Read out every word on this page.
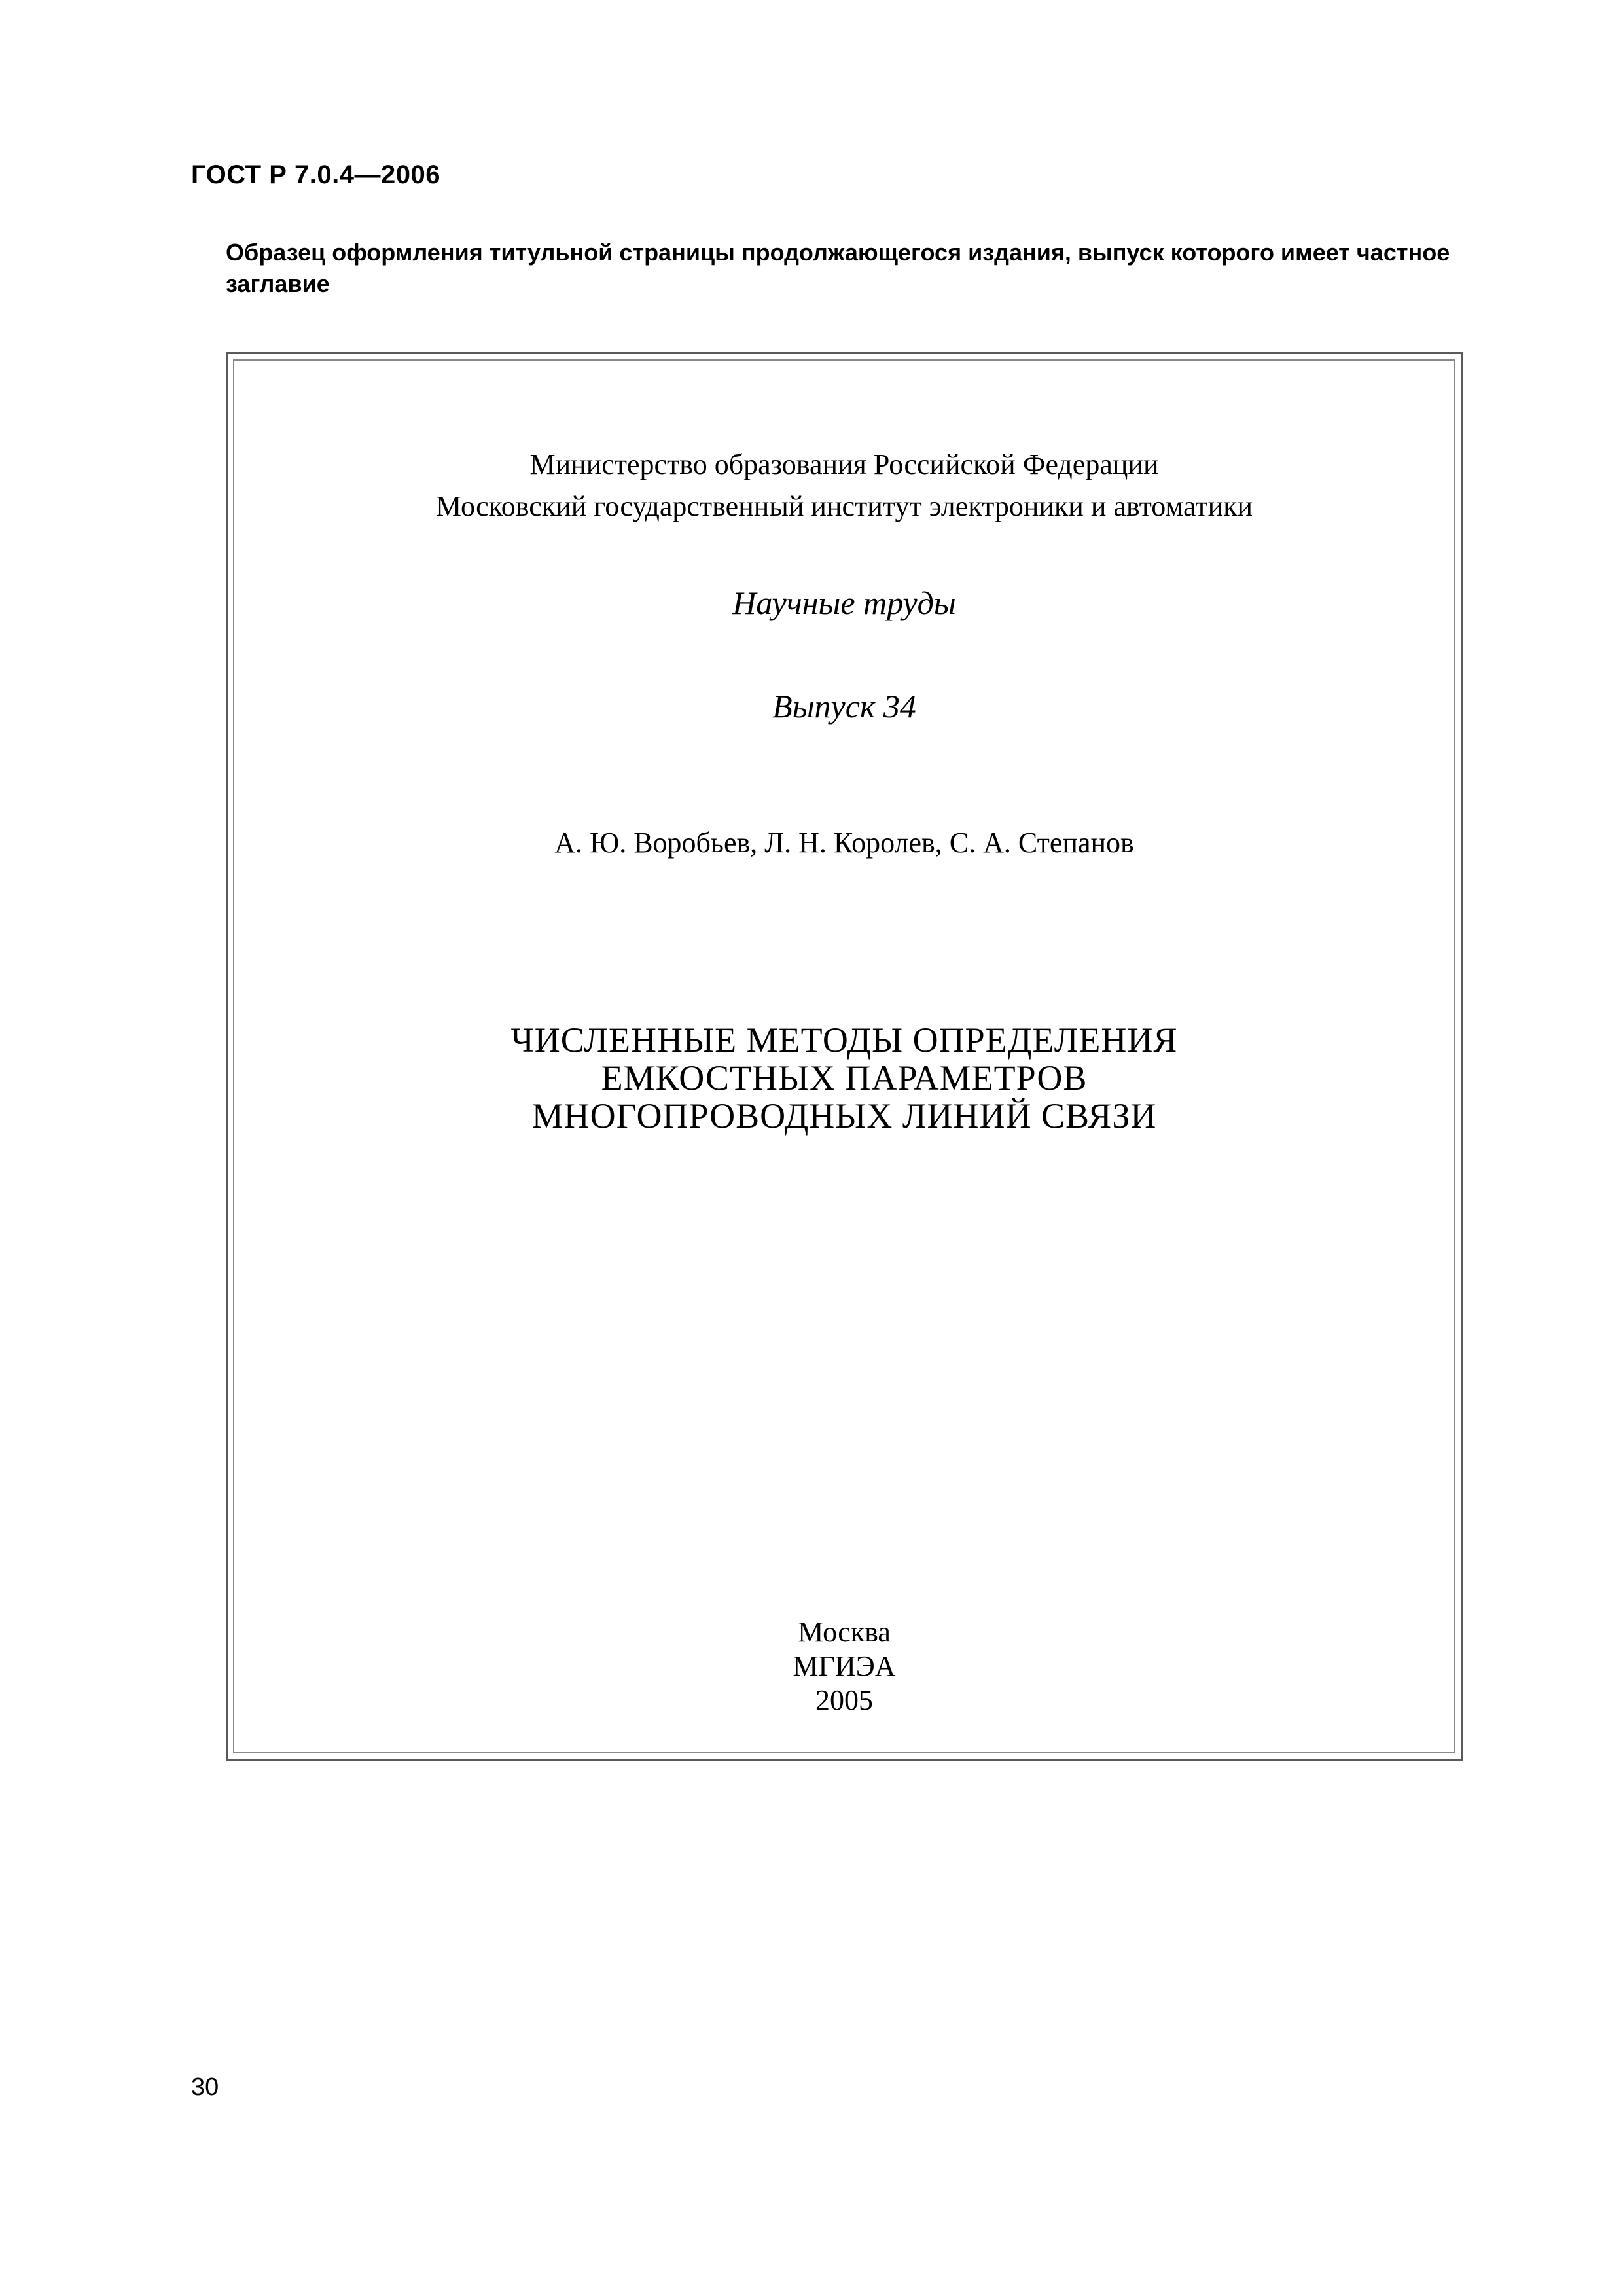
ГОСТ Р 7.0.4—2006
Образец оформления титульной страницы продолжающегося издания, выпуск которого имеет частное заглавие
Министерство образования Российской Федерации
Московский государственный институт электроники и автоматики
Научные труды
Выпуск 34
А. Ю. Воробьев, Л. Н. Королев, С. А. Степанов
ЧИСЛЕННЫЕ МЕТОДЫ ОПРЕДЕЛЕНИЯ
ЕМКОСТНЫХ ПАРАМЕТРОВ
МНОГОПРОВОДНЫХ ЛИНИЙ СВЯЗИ
Москва
МГИЭА
2005
30
